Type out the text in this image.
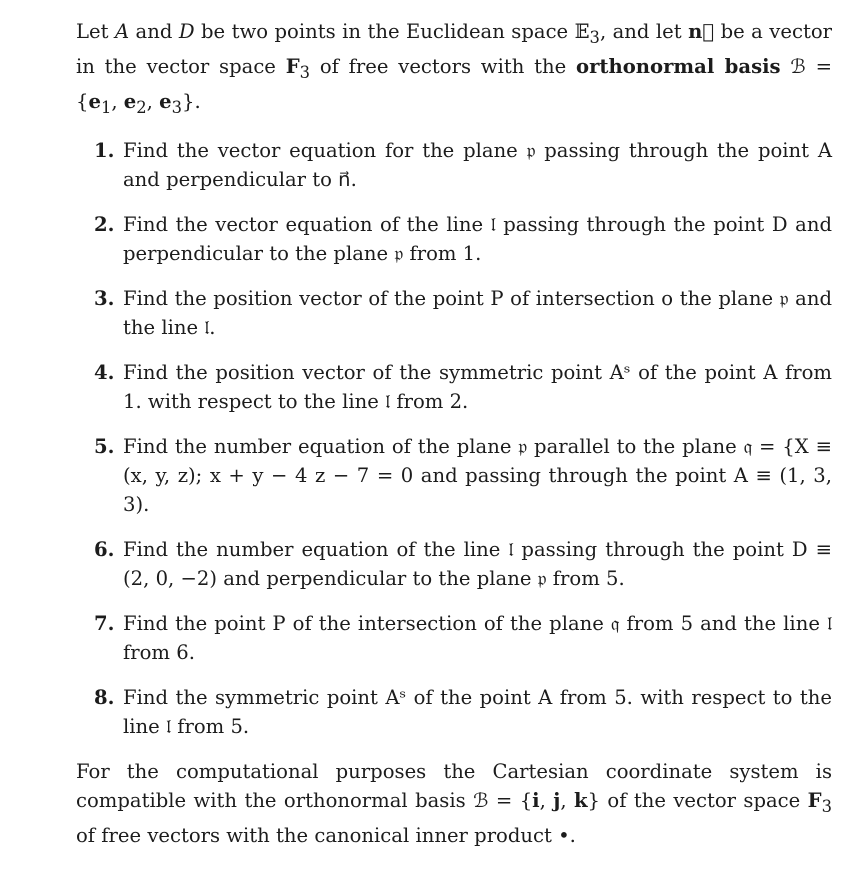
Let A and D be two points in the Euclidean space 𝔼$_3$, and let n⃗ be a vector in the vector space $F_3$ of free vectors with the orthonormal basis ℬ = {$e_1$, $e_2$, $e_3$}.

1. Find the vector equation for the plane 𝔭 passing through the point A and perpendicular to n⃗.
2. Find the vector equation of the line 𝔩 passing through the point D and perpendicular to the plane 𝔭 from 1.
3. Find the position vector of the point P of intersection o the plane 𝔭 and the line 𝔩.
4. Find the position vector of the symmetric point Aˢ of the point A from 1. with respect to the line 𝔩 from 2.
5. Find the number equation of the plane 𝔭 parallel to the plane 𝔮 = {X ≡ (x, y, z); x + y − 4 z − 7 = 0 and passing through the point A ≡ (1, 3, 3).
6. Find the number equation of the line 𝔩 passing through the point D ≡ (2, 0, −2) and perpendicular to the plane 𝔭 from 5.
7. Find the point P of the intersection of the plane 𝔮 from 5 and the line 𝔩 from 6.
8. Find the symmetric point Aˢ of the point A from 5. with respect to the line 𝔩 from 5.

For the computational purposes the Cartesian coordinate system is compatible with the orthonormal basis ℬ = {i, j, k} of the vector space $F_3$ of free vectors with the canonical inner product •.
